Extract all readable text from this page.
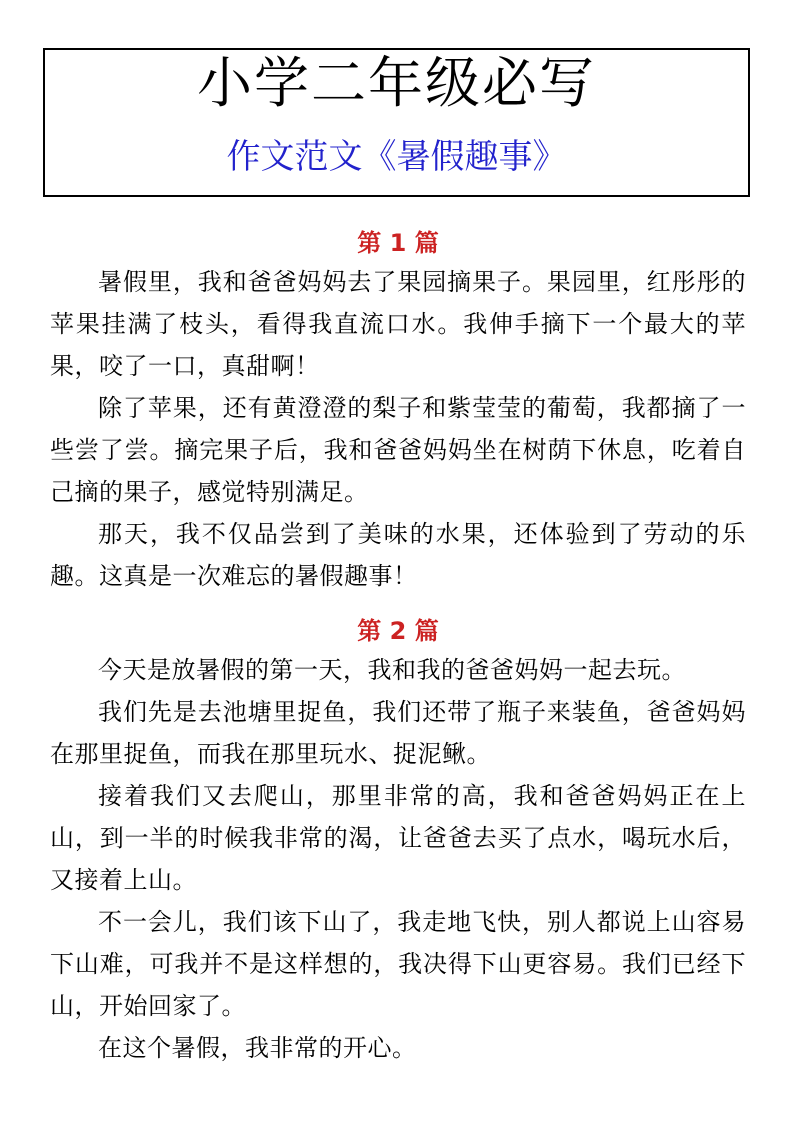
小学二年级必写
作文范文《暑假趣事》
第 1 篇

暑假里，我和爸爸妈妈去了果园摘果子。果园里，红彤彤的苹果挂满了枝头，看得我直流口水。我伸手摘下一个最大的苹果，咬了一口，真甜啊！

除了苹果，还有黄澄澄的梨子和紫莹莹的葡萄，我都摘了一些尝了尝。摘完果子后，我和爸爸妈妈坐在树荫下休息，吃着自己摘的果子，感觉特别满足。

那天，我不仅品尝到了美味的水果，还体验到了劳动的乐趣。这真是一次难忘的暑假趣事！

第 2 篇

今天是放暑假的第一天，我和我的爸爸妈妈一起去玩。

我们先是去池塘里捉鱼，我们还带了瓶子来装鱼，爸爸妈妈在那里捉鱼，而我在那里玩水、捉泥鳅。

接着我们又去爬山，那里非常的高，我和爸爸妈妈正在上山，到一半的时候我非常的渴，让爸爸去买了点水，喝玩水后，又接着上山。

不一会儿，我们该下山了，我走地飞快，别人都说上山容易下山难，可我并不是这样想的，我决得下山更容易。我们已经下山，开始回家了。

在这个暑假，我非常的开心。
